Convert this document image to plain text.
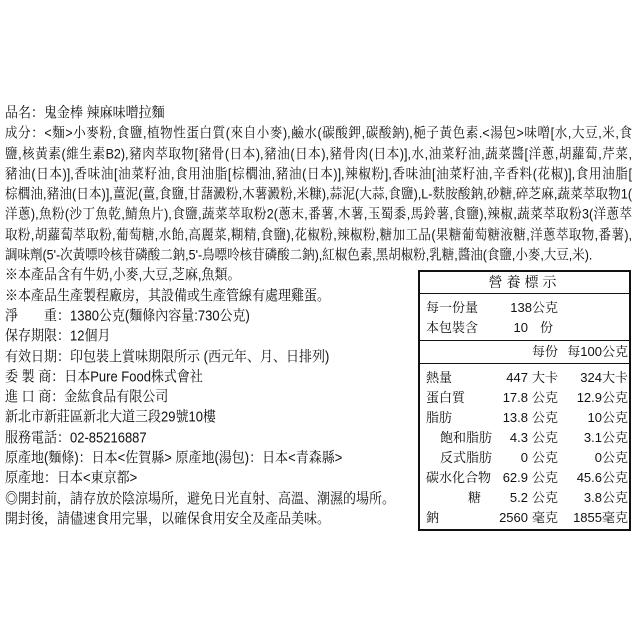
品名：鬼金棒 辣麻味噌拉麵
成分：<麵>小麥粉,食鹽,植物性蛋白質(來自小麥),鹼水(碳酸鉀,碳酸鈉),梔子黃色素.<湯包>味噌[水,大豆,米,食
鹽,核黃素(維生素B2),豬肉萃取物[豬骨(日本),豬油(日本),豬骨肉(日本)],水,油菜籽油,蔬菜醬[洋蔥,胡蘿蔔,芹菜,
豬油(日本)],香味油[油菜籽油,食用油脂[棕櫚油,豬油(日本)],辣椒粉],香味油[油菜籽油,辛香料(花椒)],食用油脂[
棕櫚油,豬油(日本)],薑泥(薑,食鹽,甘藷澱粉,木薯澱粉,米糠),蒜泥(大蒜,食鹽),L-麩胺酸鈉,砂糖,碎芝麻,蔬菜萃取物1(
洋蔥),魚粉(沙丁魚乾,鯖魚片),食鹽,蔬菜萃取粉2(蔥末,番薯,木薯,玉蜀黍,馬鈴薯,食鹽),辣椒,蔬菜萃取粉3(洋蔥萃
取粉,胡蘿蔔萃取粉,葡萄糖,水飴,高麗菜,糊精,食鹽),花椒粉,辣椒粉,糖加工品(果糖葡萄糖液糖,洋蔥萃取物,番薯),
調味劑(5'-次黃嘌呤核苷磷酸二鈉,5'-鳥嘌呤核苷磷酸二鈉),紅椒色素,黑胡椒粉,乳糖,醬油(食鹽,小麥,大豆,米).
※本產品含有牛奶,小麥,大豆,芝麻,魚類。
※本產品生產製程廠房，其設備或生產管線有處理雞蛋。
淨　　重：1380公克(麵條內容量:730公克)
保存期限：12個月
有效日期：印包裝上賞味期限所示 (西元年、月、日排列)
委 製 商：日本Pure Food株式會社
進 口 商：金紘食品有限公司
新北市新莊區新北大道三段29號10樓
服務電話：02-85216887
原產地(麵條)：日本<佐賀縣> 原產地(湯包)：日本<青森縣>
原產地：日本<東京都>
◎開封前，請存放於陰涼場所，避免日光直射、高溫、潮濕的場所。
開封後，請儘速食用完畢，以確保食用安全及產品美味。
營養標示
每一份量	138公克
本包裝含	10 份
每份 每100公克
熱量	447 大卡	324大卡
蛋白質	17.8 公克	12.9公克
脂肪	13.8 公克	10公克
飽和脂肪	4.3 公克	3.1公克
反式脂肪	0 公克	0公克
碳水化合物 62.9 公克	45.6公克
糖	5.2 公克	3.8公克
鈉	2560 毫克	1855毫克
